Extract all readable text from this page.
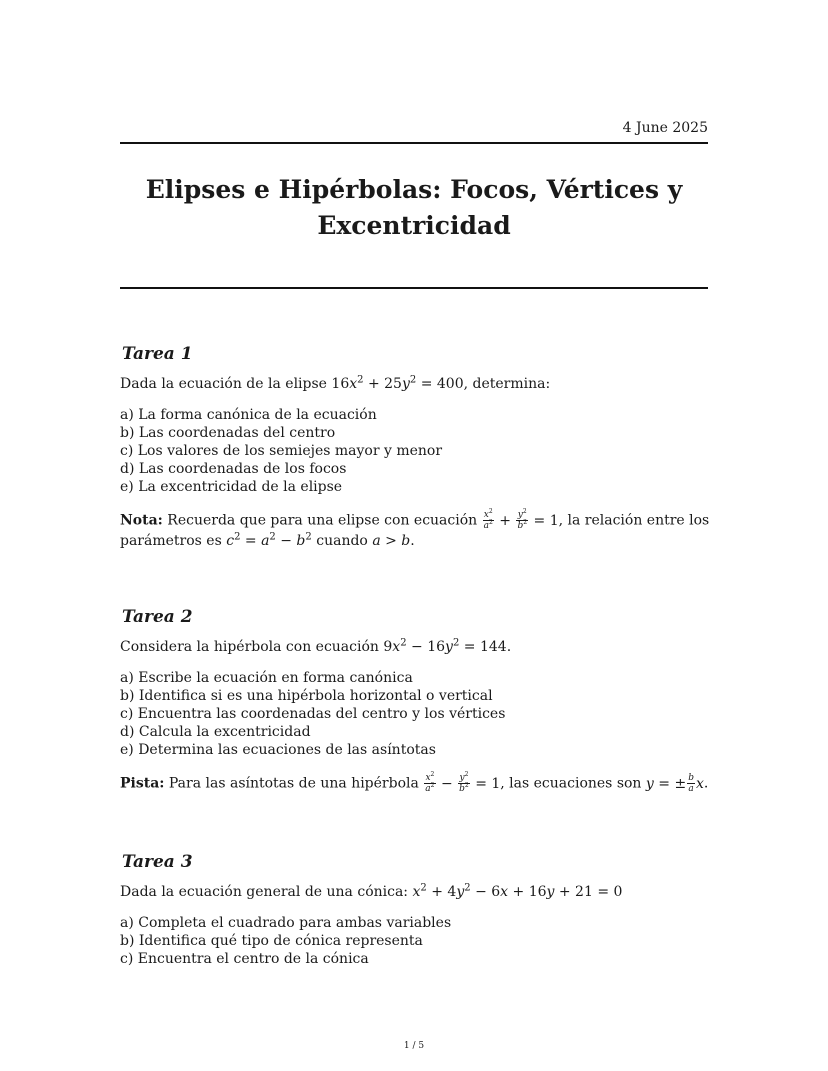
4 June 2025
Elipses e Hipérbolas: Focos, Vértices y Excentricidad
Tarea 1

Dada la ecuación de la elipse $16x^2 + 25y^2 = 400$, determina:

a) La forma canónica de la ecuación
b) Las coordenadas del centro
c) Los valores de los semiejes mayor y menor
d) Las coordenadas de los focos
e) La excentricidad de la elipse

Nota: Recuerda que para una elipse con ecuación $\frac{x^2}{a^2} + \frac{y^2}{b^2} = 1$, la relación entre los parámetros es $c^2 = a^2 - b^2$ cuando a > b.

Tarea 2

Considera la hipérbola con ecuación $9x^2 - 16y^2 = 144$.

a) Escribe la ecuación en forma canónica
b) Identifica si es una hipérbola horizontal o vertical
c) Encuentra las coordenadas del centro y los vértices
d) Calcula la excentricidad
e) Determina las ecuaciones de las asíntotas

Pista: Para las asíntotas de una hipérbola $\frac{x^2}{a^2} - \frac{y^2}{b^2} = 1$, las ecuaciones son y = ± $\frac{b}{a} x$.

Tarea 3

Dada la ecuación general de una cónica: $x^2 + 4y^2 - 6x + 16y + 21 = 0$

a) Completa el cuadrado para ambas variables
b) Identifica qué tipo de cónica representa
c) Encuentra el centro de la cónica
1 / 5
